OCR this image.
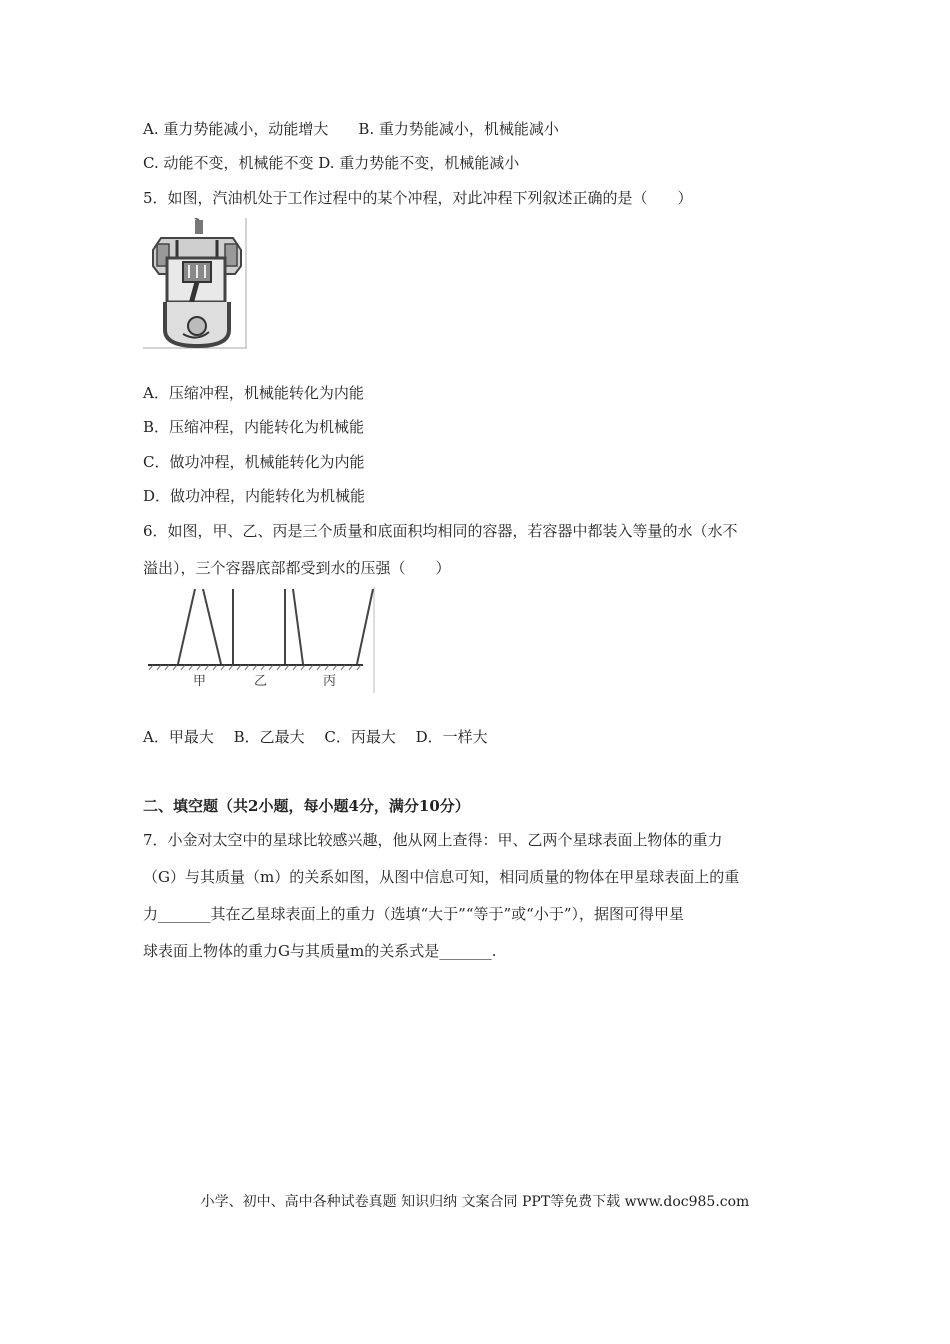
A. 重力势能减小，动能增大　　B. 重力势能减小，机械能减小
C. 动能不变，机械能不变 D. 重力势能不变，机械能减小
5．如图，汽油机处于工作过程中的某个冲程，对此冲程下列叙述正确的是（　　）
A．压缩冲程，机械能转化为内能
B．压缩冲程，内能转化为机械能
C．做功冲程，机械能转化为内能
D．做功冲程，内能转化为机械能
6．如图，甲、乙、丙是三个质量和底面积均相同的容器，若容器中都装入等量的水（水不
溢出），三个容器底部都受到水的压强（　　）
甲	乙	丙
A．甲最大　 B．乙最大　 C．丙最大　 D．一样大
二、填空题（共2小题，每小题4分，满分10分）
7．小金对太空中的星球比较感兴趣，他从网上查得：甲、乙两个星球表面上物体的重力
（G）与其质量（m）的关系如图，从图中信息可知，相同质量的物体在甲星球表面上的重
力_______其在乙星球表面上的重力（选填“大于”“等于”或“小于”），据图可得甲星
球表面上物体的重力G与其质量m的关系式是_______.
小学、初中、高中各种试卷真题 知识归纳 文案合同 PPT等免费下载 www.doc985.com
